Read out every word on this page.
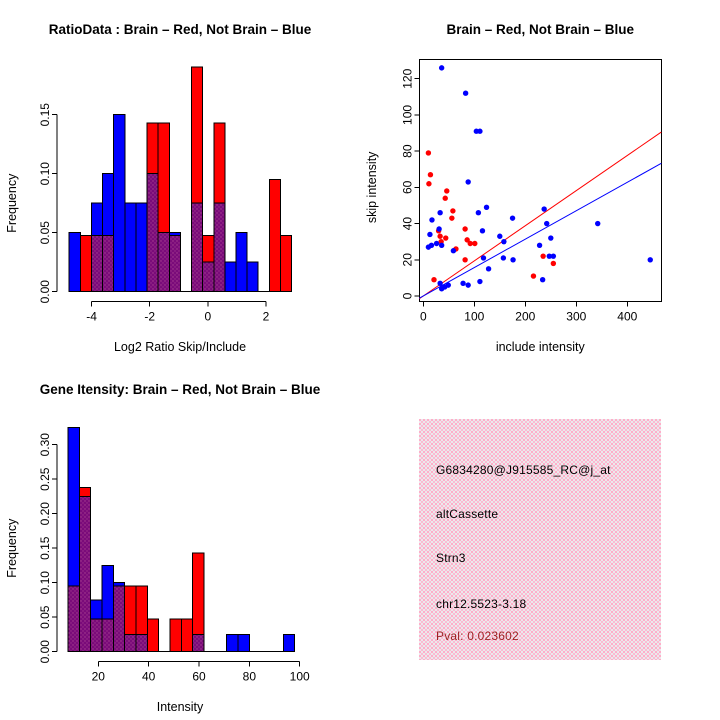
0.00
0.05
0.10
0.15
-4	-2	0	2
RatioData : Brain – Red, Not Brain – Blue
Log2 Ratio Skip/Include
Frequency
0
20
40
60
80
100
120
0	100	200	300	400
Brain – Red, Not Brain – Blue
include intensity
skip intensity
0.00
0.05
0.10
0.15
0.20
0.25
0.30
20	40	60	80	100
Gene Itensity: Brain – Red, Not Brain – Blue
Intensity
Frequency
G6834280@J915585_RC@j_at
altCassette
Strn3
chr12.5523-3.18
Pval: 0.023602
